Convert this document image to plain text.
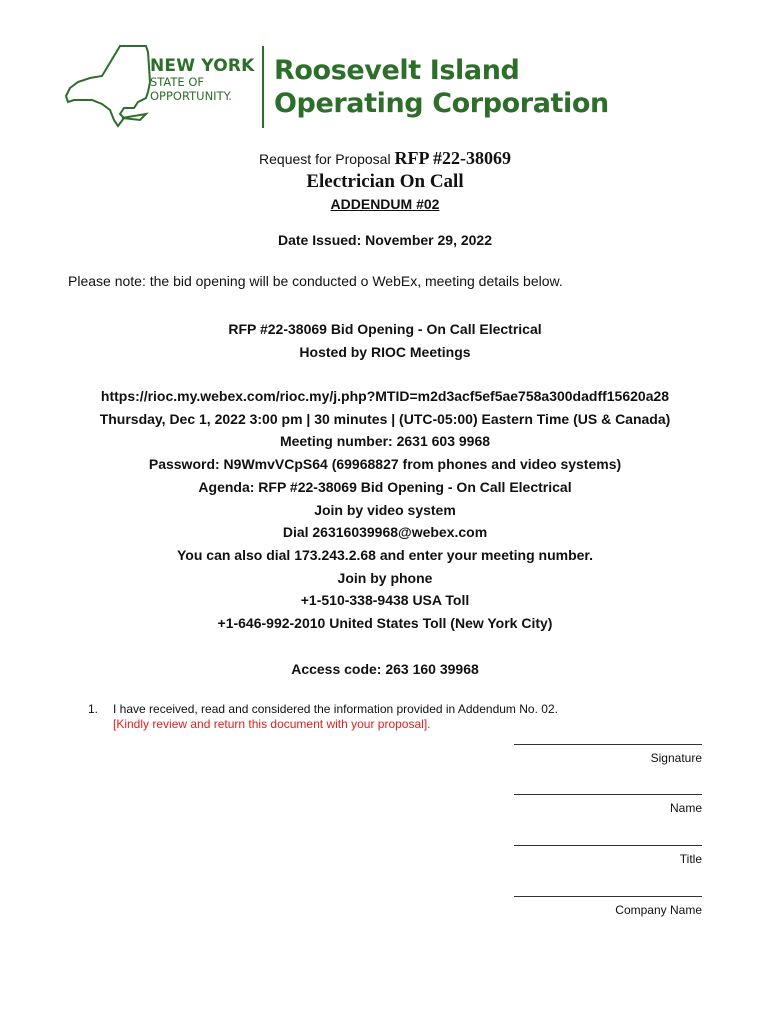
NEW YORK
STATE OF
OPPORTUNITY.
Roosevelt Island
Operating Corporation
Request for Proposal RFP #22-38069
Electrician On Call
ADDENDUM #02
Date Issued: November 29, 2022
Please note: the bid opening will be conducted o WebEx, meeting details below.
RFP #22-38069 Bid Opening - On Call Electrical
Hosted by RIOC Meetings
https://rioc.my.webex.com/rioc.my/j.php?MTID=m2d3acf5ef5ae758a300dadff15620a28
Thursday, Dec 1, 2022 3:00 pm | 30 minutes | (UTC-05:00) Eastern Time (US & Canada)
Meeting number: 2631 603 9968
Password: N9WmvVCpS64 (69968827 from phones and video systems)
Agenda: RFP #22-38069 Bid Opening - On Call Electrical
Join by video system
Dial 26316039968@webex.com
You can also dial 173.243.2.68 and enter your meeting number.
Join by phone
+1-510-338-9438 USA Toll
+1-646-992-2010 United States Toll (New York City)
Access code: 263 160 39968
1. I have received, read and considered the information provided in Addendum No. 02.
[Kindly review and return this document with your proposal].
Signature
Name
Title
Company Name
